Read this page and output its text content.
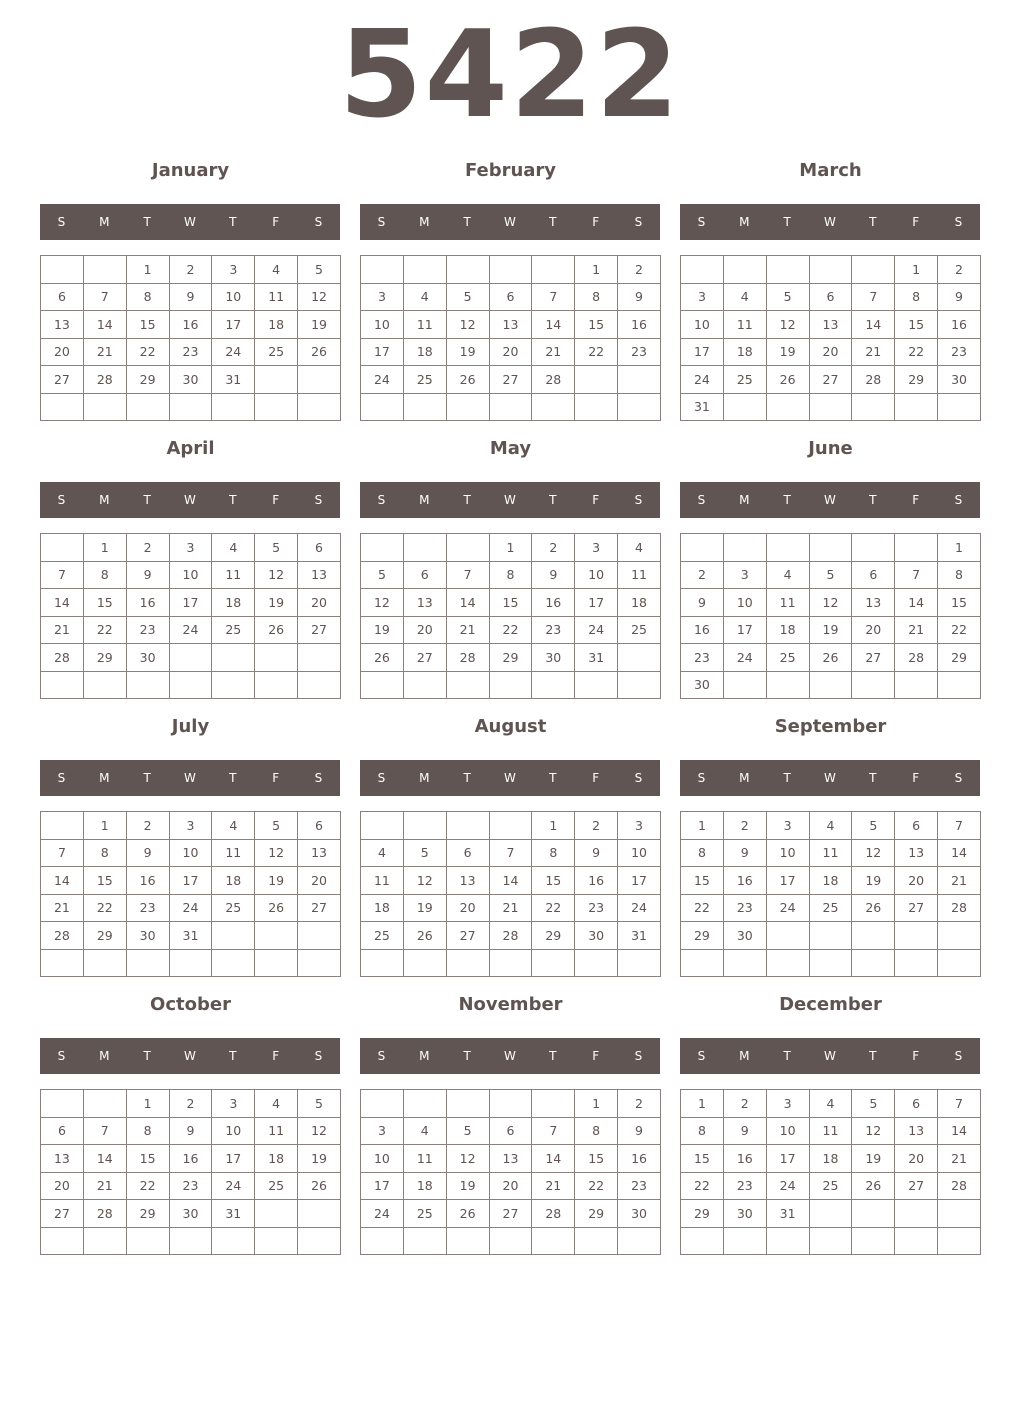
5422
January
S	M	T	W	T	F	S
		1	2	3	4	5
6	7	8	9	10	11	12
13	14	15	16	17	18	19
20	21	22	23	24	25	26
27	28	29	30	31		

February
S	M	T	W	T	F	S
					1	2
3	4	5	6	7	8	9
10	11	12	13	14	15	16
17	18	19	20	21	22	23
24	25	26	27	28		

March
S	M	T	W	T	F	S
					1	2
3	4	5	6	7	8	9
10	11	12	13	14	15	16
17	18	19	20	21	22	23
24	25	26	27	28	29	30
31						
April
S	M	T	W	T	F	S
	1	2	3	4	5	6
7	8	9	10	11	12	13
14	15	16	17	18	19	20
21	22	23	24	25	26	27
28	29	30				

May
S	M	T	W	T	F	S
			1	2	3	4
5	6	7	8	9	10	11
12	13	14	15	16	17	18
19	20	21	22	23	24	25
26	27	28	29	30	31	

June
S	M	T	W	T	F	S
						1
2	3	4	5	6	7	8
9	10	11	12	13	14	15
16	17	18	19	20	21	22
23	24	25	26	27	28	29
30						
July
S	M	T	W	T	F	S
	1	2	3	4	5	6
7	8	9	10	11	12	13
14	15	16	17	18	19	20
21	22	23	24	25	26	27
28	29	30	31			

August
S	M	T	W	T	F	S
				1	2	3
4	5	6	7	8	9	10
11	12	13	14	15	16	17
18	19	20	21	22	23	24
25	26	27	28	29	30	31

September
S	M	T	W	T	F	S
1	2	3	4	5	6	7
8	9	10	11	12	13	14
15	16	17	18	19	20	21
22	23	24	25	26	27	28
29	30					

October
S	M	T	W	T	F	S
		1	2	3	4	5
6	7	8	9	10	11	12
13	14	15	16	17	18	19
20	21	22	23	24	25	26
27	28	29	30	31		

November
S	M	T	W	T	F	S
					1	2
3	4	5	6	7	8	9
10	11	12	13	14	15	16
17	18	19	20	21	22	23
24	25	26	27	28	29	30

December
S	M	T	W	T	F	S
1	2	3	4	5	6	7
8	9	10	11	12	13	14
15	16	17	18	19	20	21
22	23	24	25	26	27	28
29	30	31				
